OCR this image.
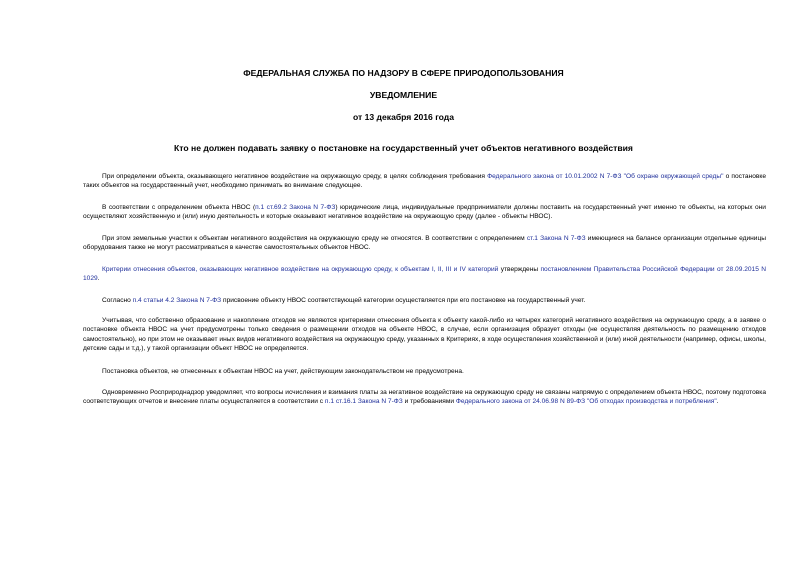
ФЕДЕРАЛЬНАЯ СЛУЖБА ПО НАДЗОРУ В СФЕРЕ ПРИРОДОПОЛЬЗОВАНИЯ
УВЕДОМЛЕНИЕ
от 13 декабря 2016 года
Кто не должен подавать заявку о постановке на государственный учет объектов негативного воздействия

При определении объекта, оказывающего негативное воздействие на окружающую среду, в целях соблюдения требования Федерального закона от 10.01.2002 N 7-ФЗ "Об охране окружающей среды" о постановке таких объектов на государственный учет, необходимо принимать во внимание следующее.

В соответствии с определением объекта НВОС (п.1 ст.69.2 Закона N 7-ФЗ) юридические лица, индивидуальные предприниматели должны поставить на государственный учет именно те объекты, на которых они осуществляют хозяйственную и (или) иную деятельность и которые оказывают негативное воздействие на окружающую среду (далее - объекты НВОС).

При этом земельные участки к объектам негативного воздействия на окружающую среду не относятся. В соответствии с определением ст.1 Закона N 7-ФЗ имеющиеся на балансе организации отдельные единицы оборудования также не могут рассматриваться в качестве самостоятельных объектов НВОС.

Критерии отнесения объектов, оказывающих негативное воздействие на окружающую среду, к объектам I, II, III и IV категорий утверждены постановлением Правительства Российской Федерации от 28.09.2015 N 1029.

Согласно п.4 статьи 4.2 Закона N 7-ФЗ присвоение объекту НВОС соответствующей категории осуществляется при его постановке на государственный учет.

Учитывая, что собственно образование и накопление отходов не являются критериями отнесения объекта к объекту какой-либо из четырех категорий негативного воздействия на окружающую среду, а в заявке о постановке объекта НВОС на учет предусмотрены только сведения о размещении отходов на объекте НВОС, в случае, если организация образует отходы (не осуществляя деятельность по размещению отходов самостоятельно), но при этом не оказывает иных видов негативного воздействия на окружающую среду, указанных в Критериях, в ходе осуществления хозяйственной и (или) иной деятельности (например, офисы, школы, детские сады и т.д.), у такой организации объект НВОС не определяется.

Постановка объектов, не отнесенных к объектам НВОС на учет, действующим законодательством не предусмотрена.

Одновременно Росприроднадзор уведомляет, что вопросы исчисления и взимания платы за негативное воздействие на окружающую среду не связаны напрямую с определением объекта НВОС, поэтому подготовка соответствующих отчетов и внесение платы осуществляется в соответствии с п.1 ст.16.1 Закона N 7-ФЗ и требованиями Федерального закона от 24.06.98 N 89-ФЗ "Об отходах производства и потребления".
